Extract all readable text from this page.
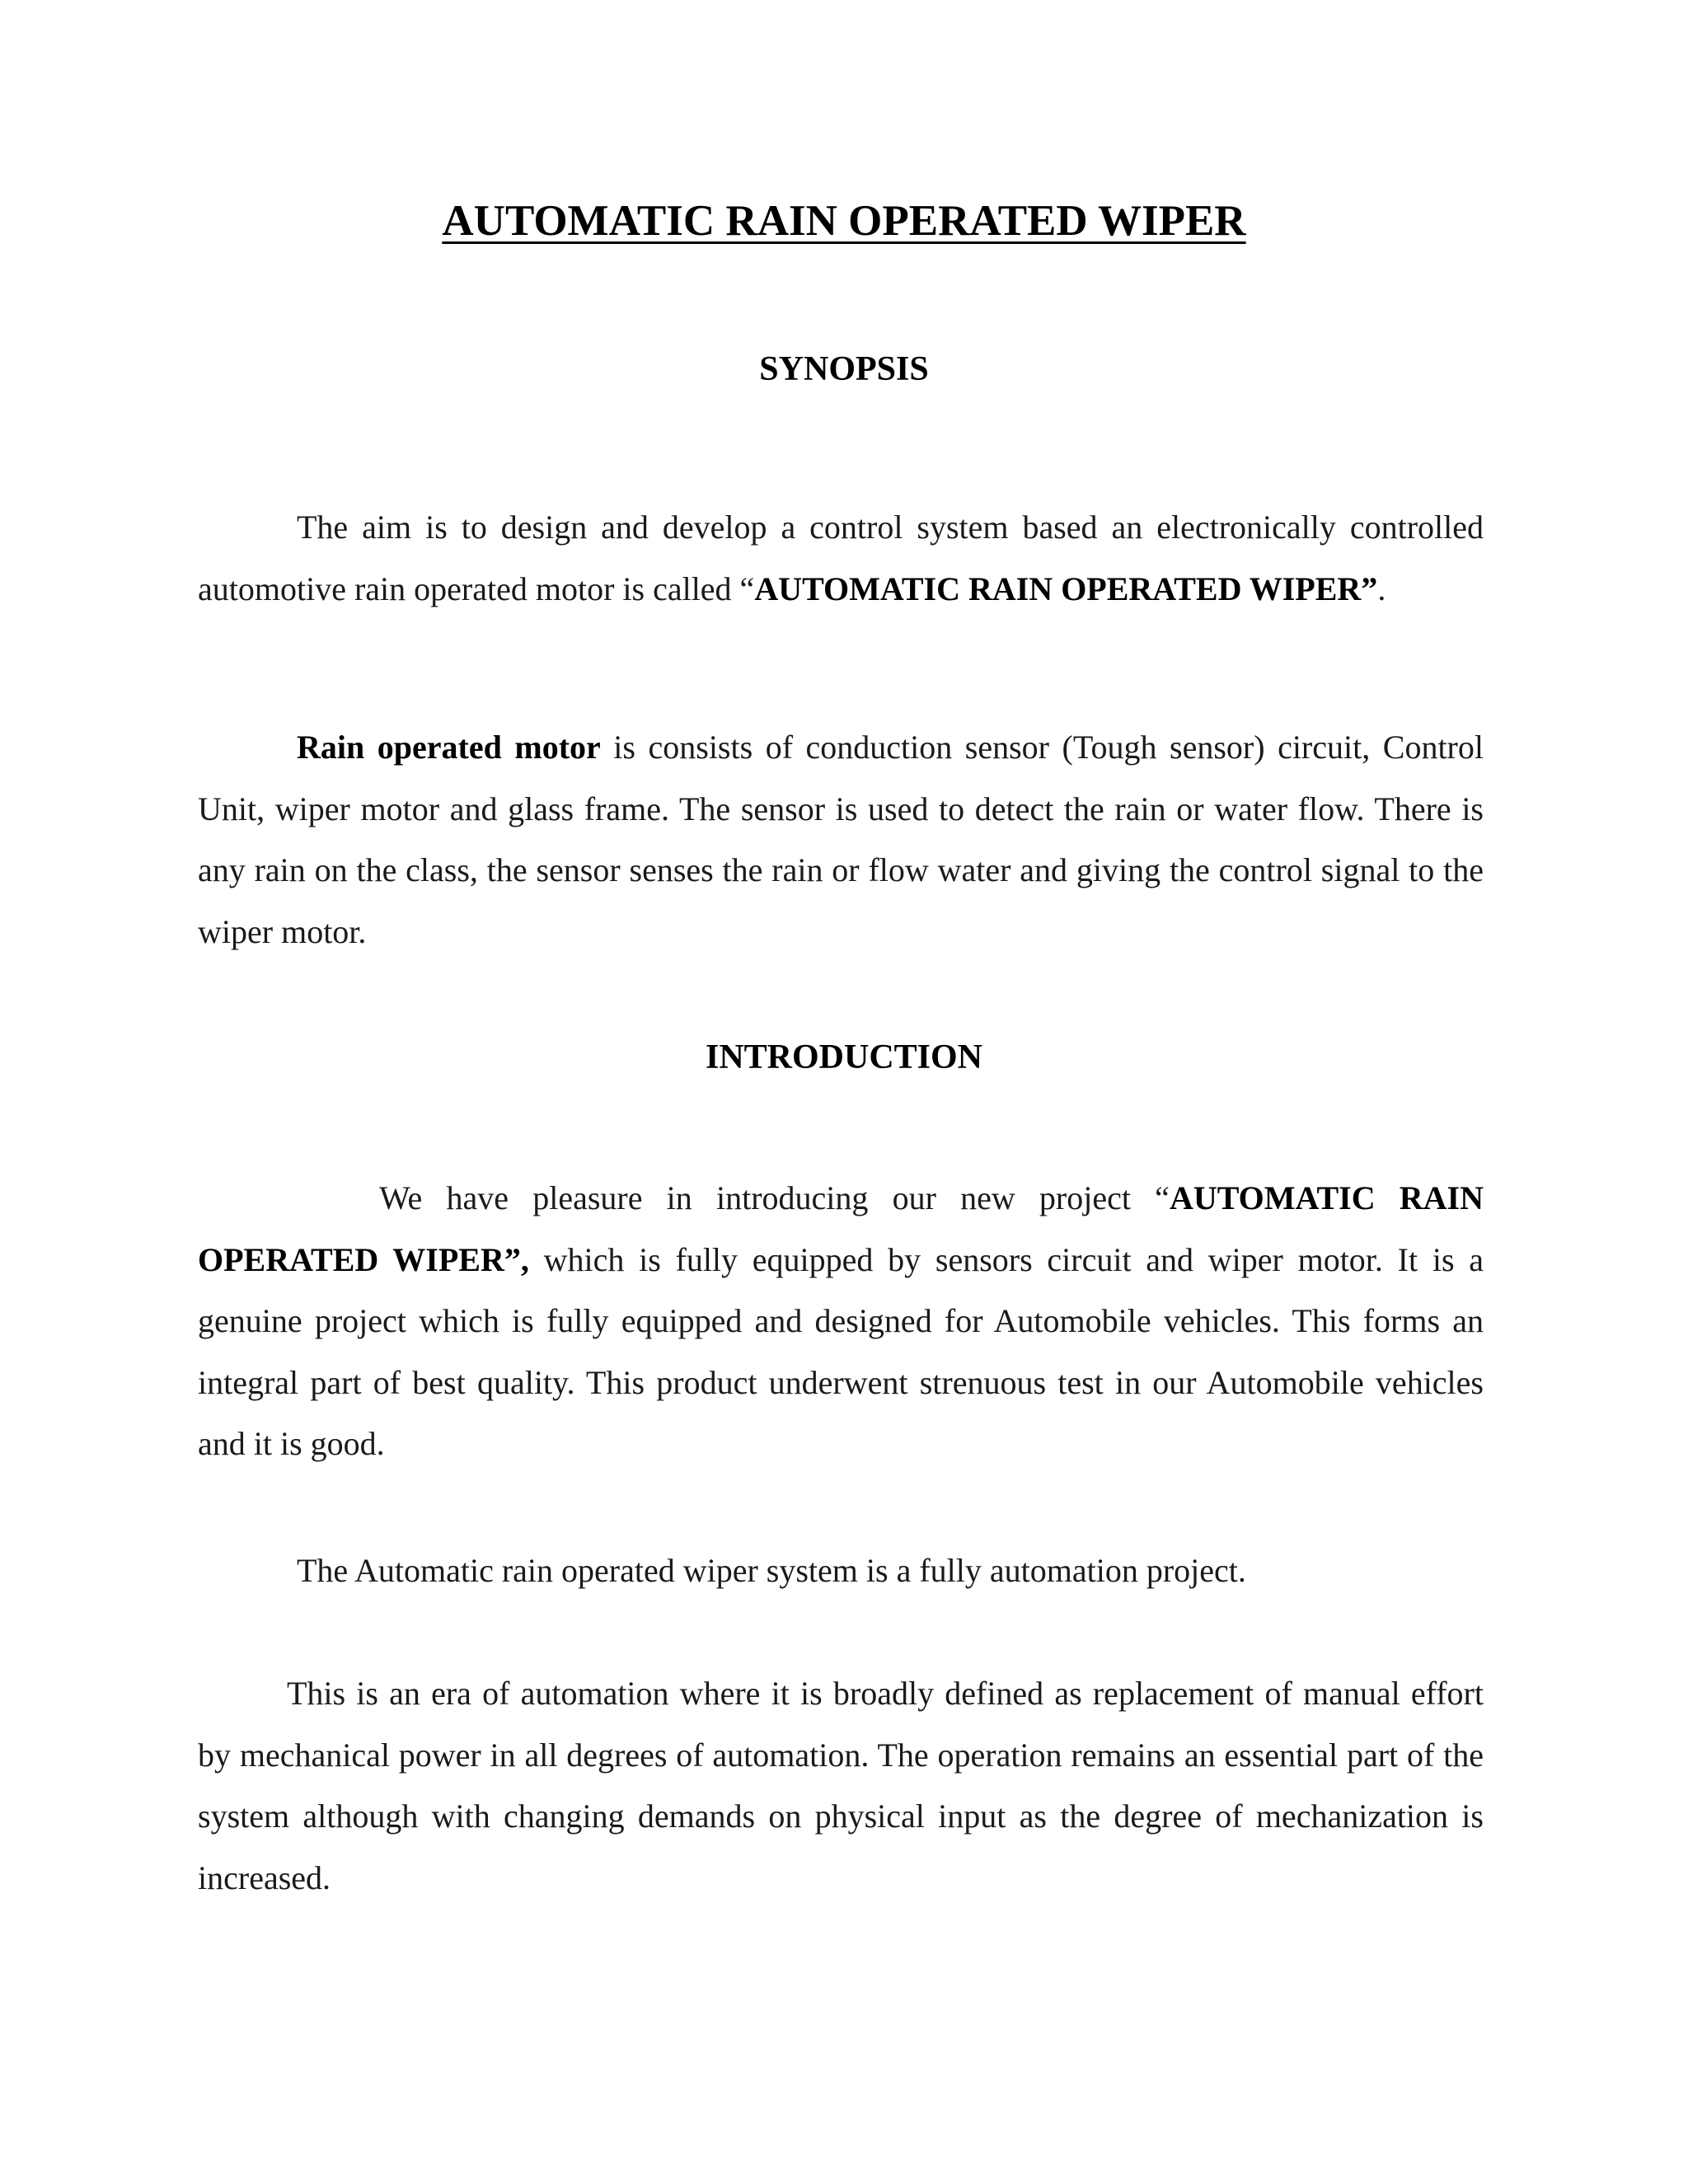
AUTOMATIC RAIN OPERATED WIPER
SYNOPSIS

The aim is to design and develop a control system based an electronically controlled automotive rain operated motor is called “AUTOMATIC RAIN OPERATED WIPER”.

Rain operated motor is consists of conduction sensor (Tough sensor) circuit, Control Unit, wiper motor and glass frame. The sensor is used to detect the rain or water flow. There is any rain on the class, the sensor senses the rain or flow water and giving the control signal to the wiper motor.

INTRODUCTION

We have pleasure in introducing our new project “AUTOMATIC RAIN OPERATED WIPER”, which is fully equipped by sensors circuit and wiper motor. It is a genuine project which is fully equipped and designed for Automobile vehicles. This forms an integral part of best quality. This product underwent strenuous test in our Automobile vehicles and it is good.

The Automatic rain operated wiper system is a fully automation project.

This is an era of automation where it is broadly defined as replacement of manual effort by mechanical power in all degrees of automation. The operation remains an essential part of the system although with changing demands on physical input as the degree of mechanization is increased.
